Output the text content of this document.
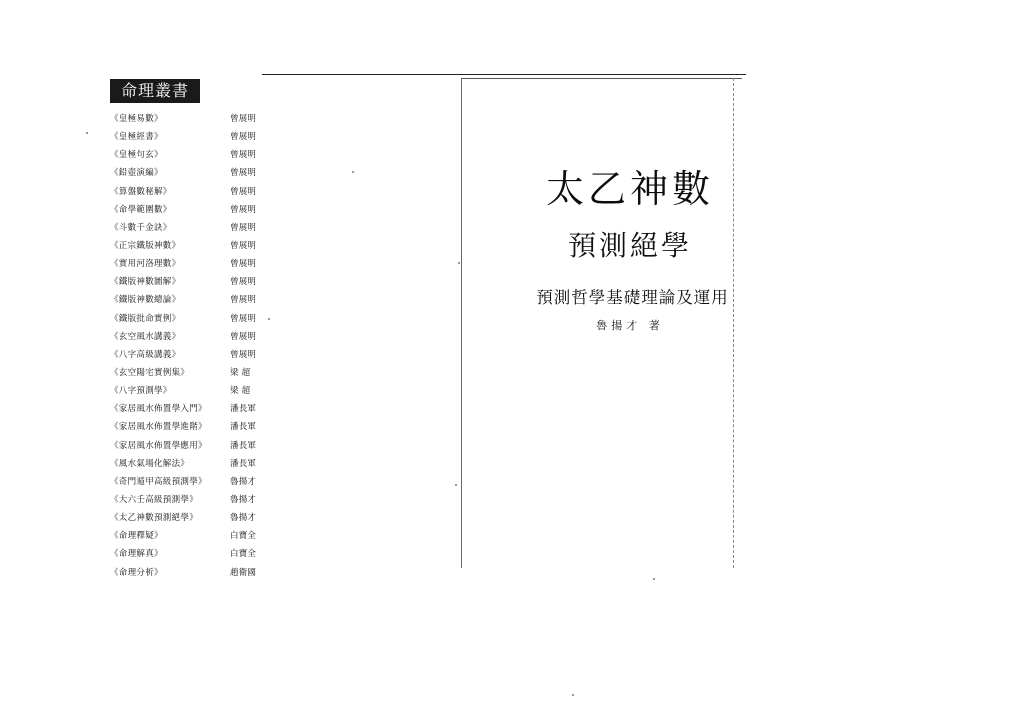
命理叢書
《皇極易數》	曾展明
《皇極經書》	曾展明
《皇極句玄》	曾展明
《鉛壺演編》	曾展明
《算盤數秘解》	曾展明
《命學範圍數》	曾展明
《斗數千金訣》	曾展明
《正宗鐵版神數》	曾展明
《實用河洛理數》	曾展明
《鐵版神數圖解》	曾展明
《鐵版神數總論》	曾展明
《鐵版批命實例》	曾展明
《玄空風水講義》	曾展明
《八字高級講義》	曾展明
《玄空陽宅實例集》	梁 超
《八字預測學》	梁 超
《家居風水佈置學入門》	潘長軍
《家居風水佈置學進階》	潘長軍
《家居風水佈置學應用》	潘長軍
《風水氣場化解法》	潘長軍
《奇門遁甲高級預測學》	魯揚才
《大六壬高級預測學》	魯揚才
《太乙神數預測絕學》	魯揚才
《命理釋疑》	白寶全
《命理解真》	白寶全
《命理分析》	趙衛國
太乙神數
預測絕學
預測哲學基礎理論及運用
魯揚才 著
